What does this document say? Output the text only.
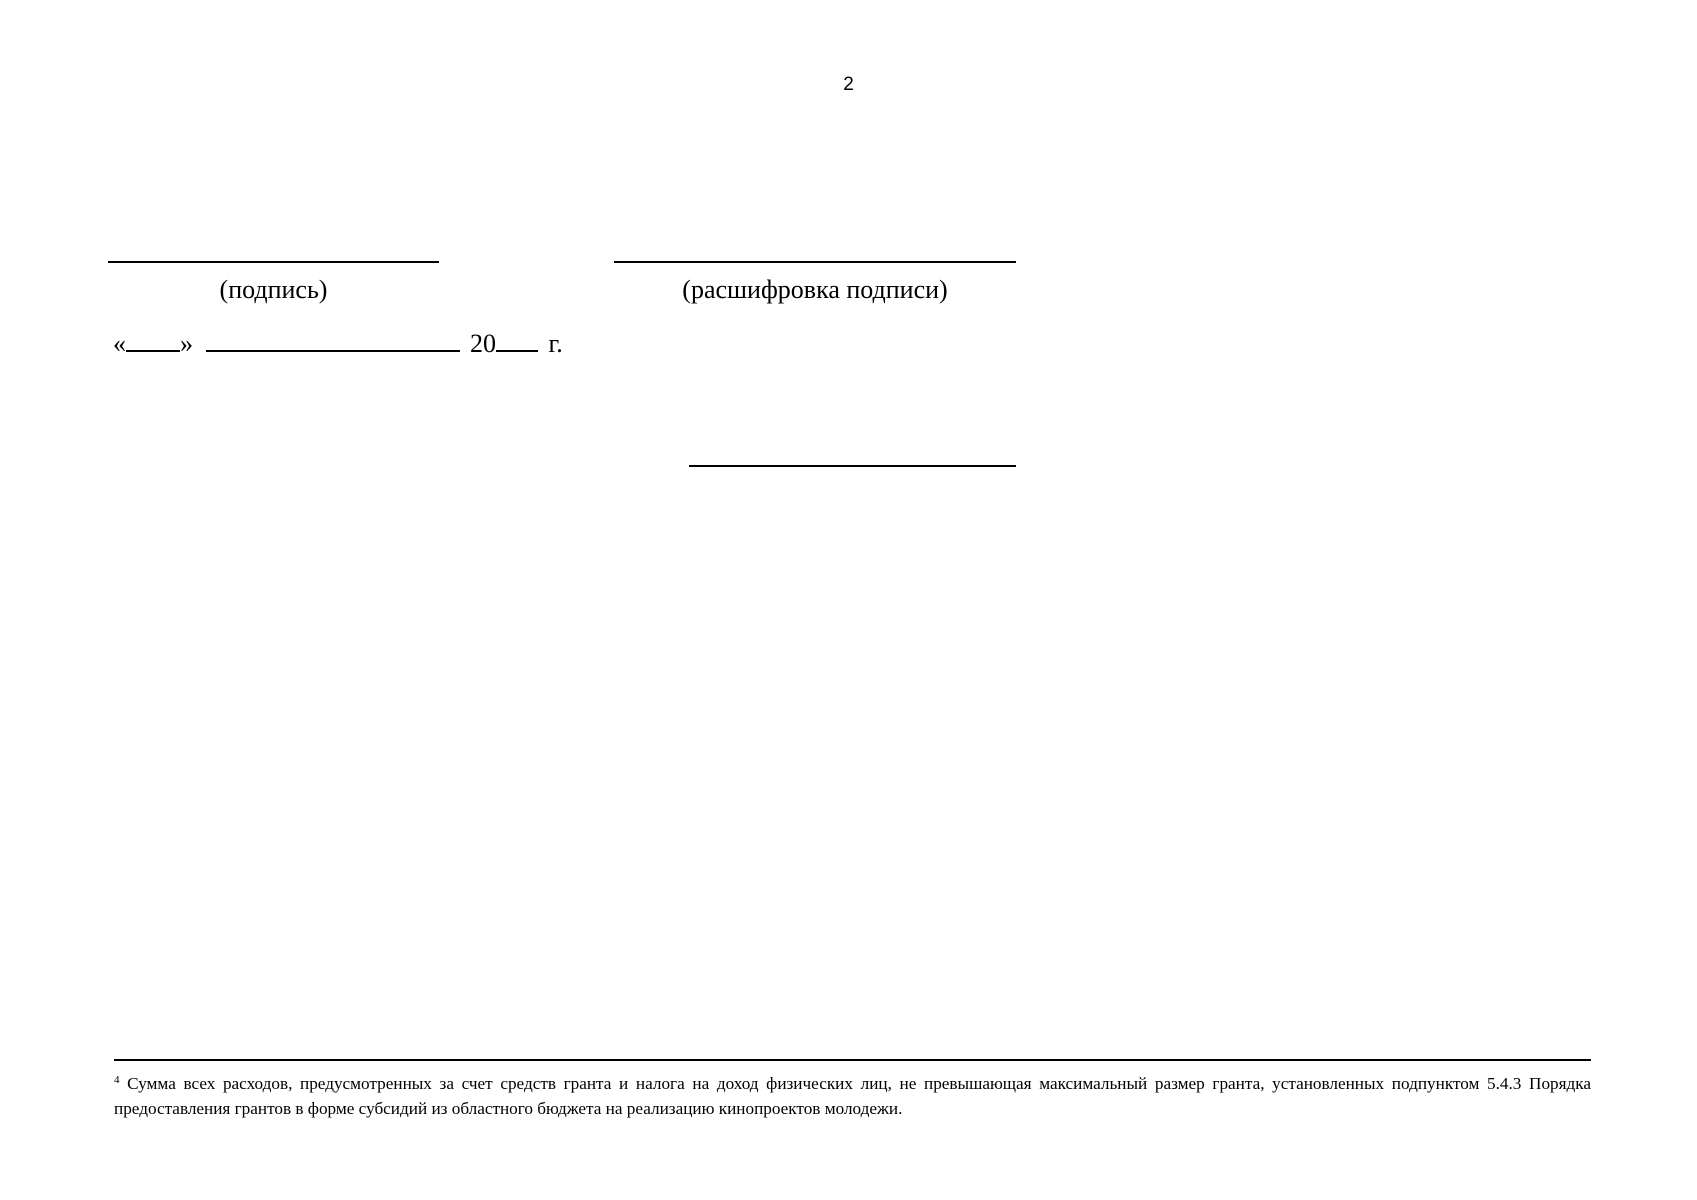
2
(подпись)	(расшифровка подписи)
« »	20 г.
$^4$ Сумма всех расходов, предусмотренных за счет средств гранта и налога на доход физических лиц, не превышающая максимальный размер гранта, установленных подпунктом 5.4.3 Порядка предоставления грантов в форме субсидий из областного бюджета на реализацию кинопроектов молодежи.
